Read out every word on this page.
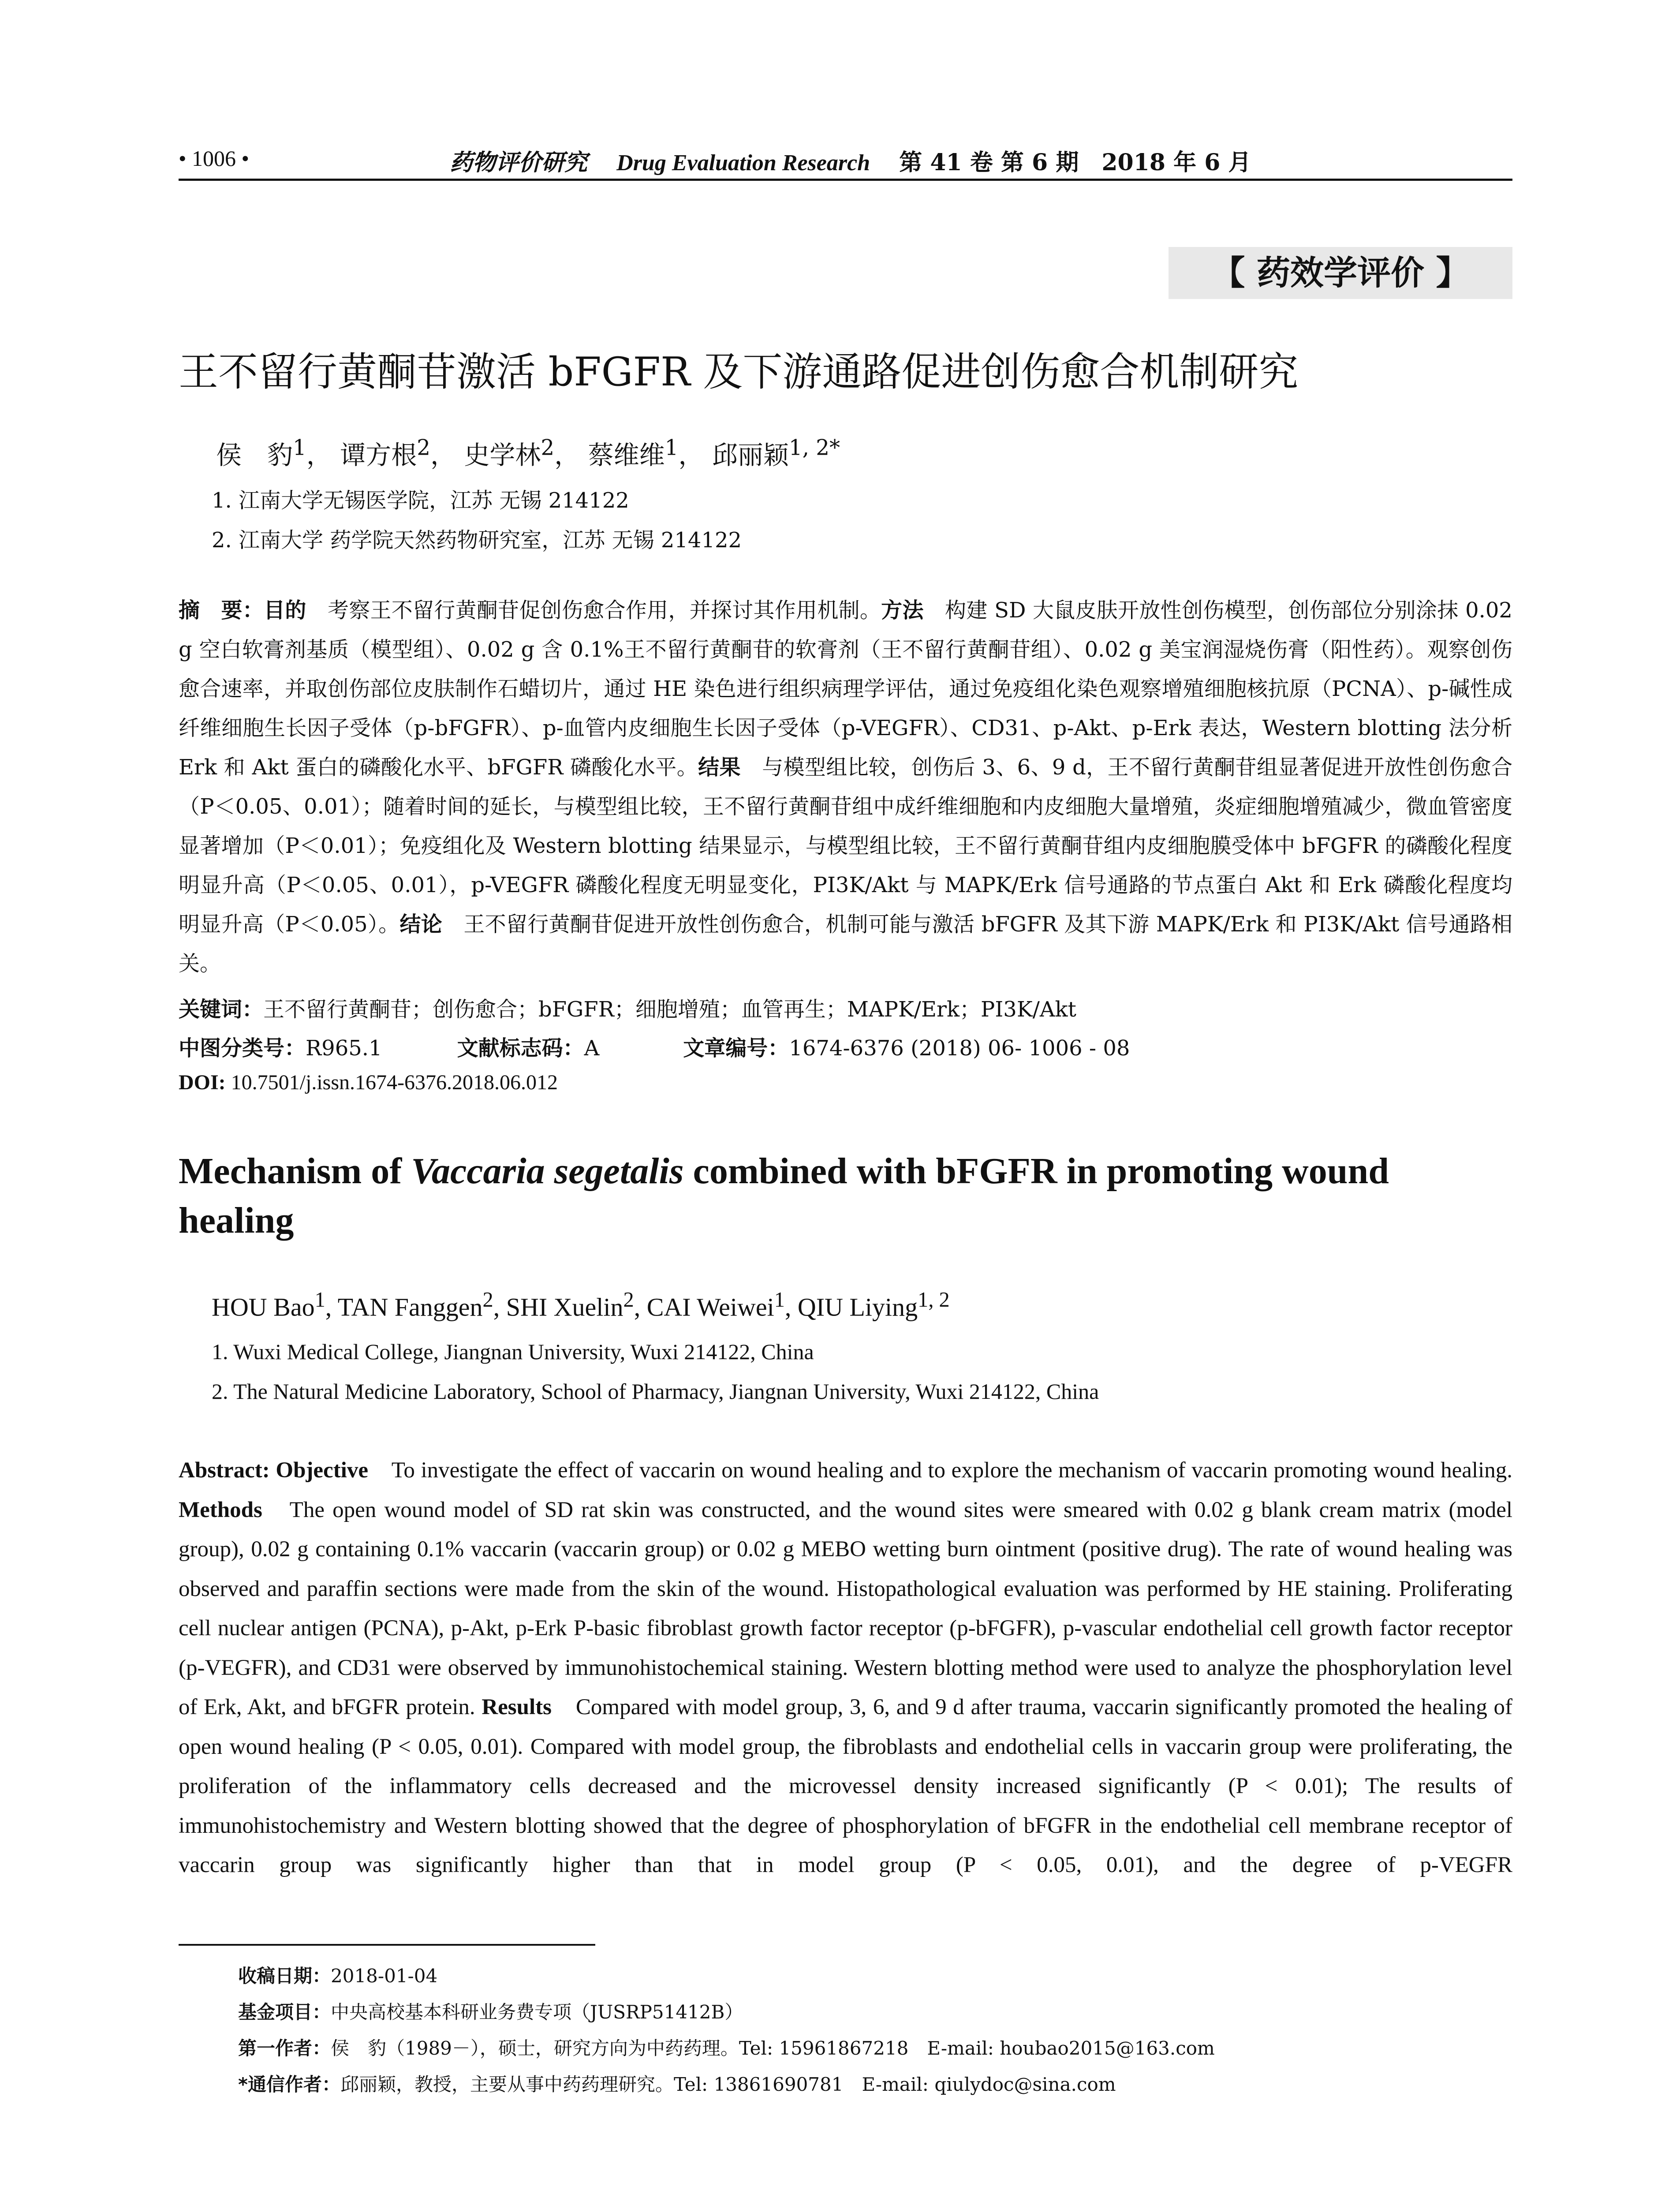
• 1006 •	药物评价研究 Drug Evaluation Research 第 41 卷 第 6 期　2018 年 6 月
【 药效学评价 】
王不留行黄酮苷激活 bFGFR 及下游通路促进创伤愈合机制研究
侯　豹$^1$， 谭方根$^2$， 史学林$^2$， 蔡维维$^1$， 邱丽颖$^{1, 2*}$
1. 江南大学无锡医学院，江苏 无锡 214122
2. 江南大学 药学院天然药物研究室，江苏 无锡 214122
摘　要：目的　考察王不留行黄酮苷促创伤愈合作用，并探讨其作用机制。方法　构建 SD 大鼠皮肤开放性创伤模型，创伤部位分别涂抹 0.02 g 空白软膏剂基质（模型组）、0.02 g 含 0.1%王不留行黄酮苷的软膏剂（王不留行黄酮苷组）、0.02 g 美宝润湿烧伤膏（阳性药）。观察创伤愈合速率，并取创伤部位皮肤制作石蜡切片，通过 HE 染色进行组织病理学评估，通过免疫组化染色观察增殖细胞核抗原（PCNA）、p-碱性成纤维细胞生长因子受体（p-bFGFR）、p-血管内皮细胞生长因子受体（p-VEGFR）、CD31、p-Akt、p-Erk 表达，Western blotting 法分析 Erk 和 Akt 蛋白的磷酸化水平、bFGFR 磷酸化水平。结果　与模型组比较，创伤后 3、6、9 d，王不留行黄酮苷组显著促进开放性创伤愈合（P＜0.05、0.01）；随着时间的延长，与模型组比较，王不留行黄酮苷组中成纤维细胞和内皮细胞大量增殖，炎症细胞增殖减少，微血管密度显著增加（P＜0.01）；免疫组化及 Western blotting 结果显示，与模型组比较，王不留行黄酮苷组内皮细胞膜受体中 bFGFR 的磷酸化程度明显升高（P＜0.05、0.01），p-VEGFR 磷酸化程度无明显变化，PI3K/Akt 与 MAPK/Erk 信号通路的节点蛋白 Akt 和 Erk 磷酸化程度均明显升高（P＜0.05）。结论　王不留行黄酮苷促进开放性创伤愈合，机制可能与激活 bFGFR 及其下游 MAPK/Erk 和 PI3K/Akt 信号通路相关。
关键词：王不留行黄酮苷；创伤愈合；bFGFR；细胞增殖；血管再生；MAPK/Erk；PI3K/Akt
中图分类号：R965.1	文献标志码：A	文章编号：1674-6376 (2018) 06- 1006 - 08
DOI: 10.7501/j.issn.1674-6376.2018.06.012
Mechanism of Vaccaria segetalis combined with bFGFR in promoting wound healing
HOU Bao$^1$, TAN Fanggen$^2$, SHI Xuelin$^2$, CAI Weiwei$^1$, QIU Liying$^{1, 2}$
1. Wuxi Medical College, Jiangnan University, Wuxi 214122, China
2. The Natural Medicine Laboratory, School of Pharmacy, Jiangnan University, Wuxi 214122, China
Abstract: Objective　To investigate the effect of vaccarin on wound healing and to explore the mechanism of vaccarin promoting wound healing. Methods　The open wound model of SD rat skin was constructed, and the wound sites were smeared with 0.02 g blank cream matrix (model group), 0.02 g containing 0.1% vaccarin (vaccarin group) or 0.02 g MEBO wetting burn ointment (positive drug). The rate of wound healing was observed and paraffin sections were made from the skin of the wound. Histopathological evaluation was performed by HE staining. Proliferating cell nuclear antigen (PCNA), p-Akt, p-Erk P-basic fibroblast growth factor receptor (p-bFGFR), p-vascular endothelial cell growth factor receptor (p-VEGFR), and CD31 were observed by immunohistochemical staining. Western blotting method were used to analyze the phosphorylation level of Erk, Akt, and bFGFR protein. Results　Compared with model group, 3, 6, and 9 d after trauma, vaccarin significantly promoted the healing of open wound healing (P < 0.05, 0.01). Compared with model group, the fibroblasts and endothelial cells in vaccarin group were proliferating, the proliferation of the inflammatory cells decreased and the microvessel density increased significantly (P < 0.01); The results of immunohistochemistry and Western blotting showed that the degree of phosphorylation of bFGFR in the endothelial cell membrane receptor of vaccarin group was significantly higher than that in model group (P < 0.05, 0.01), and the degree of p-VEGFR
收稿日期：2018-01-04
基金项目：中央高校基本科研业务费专项（JUSRP51412B）
第一作者：侯　豹（1989－），硕士，研究方向为中药药理。Tel: 15961867218　E-mail: houbao2015@163.com
*通信作者：邱丽颖，教授，主要从事中药药理研究。Tel: 13861690781　E-mail: qiulydoc@sina.com
